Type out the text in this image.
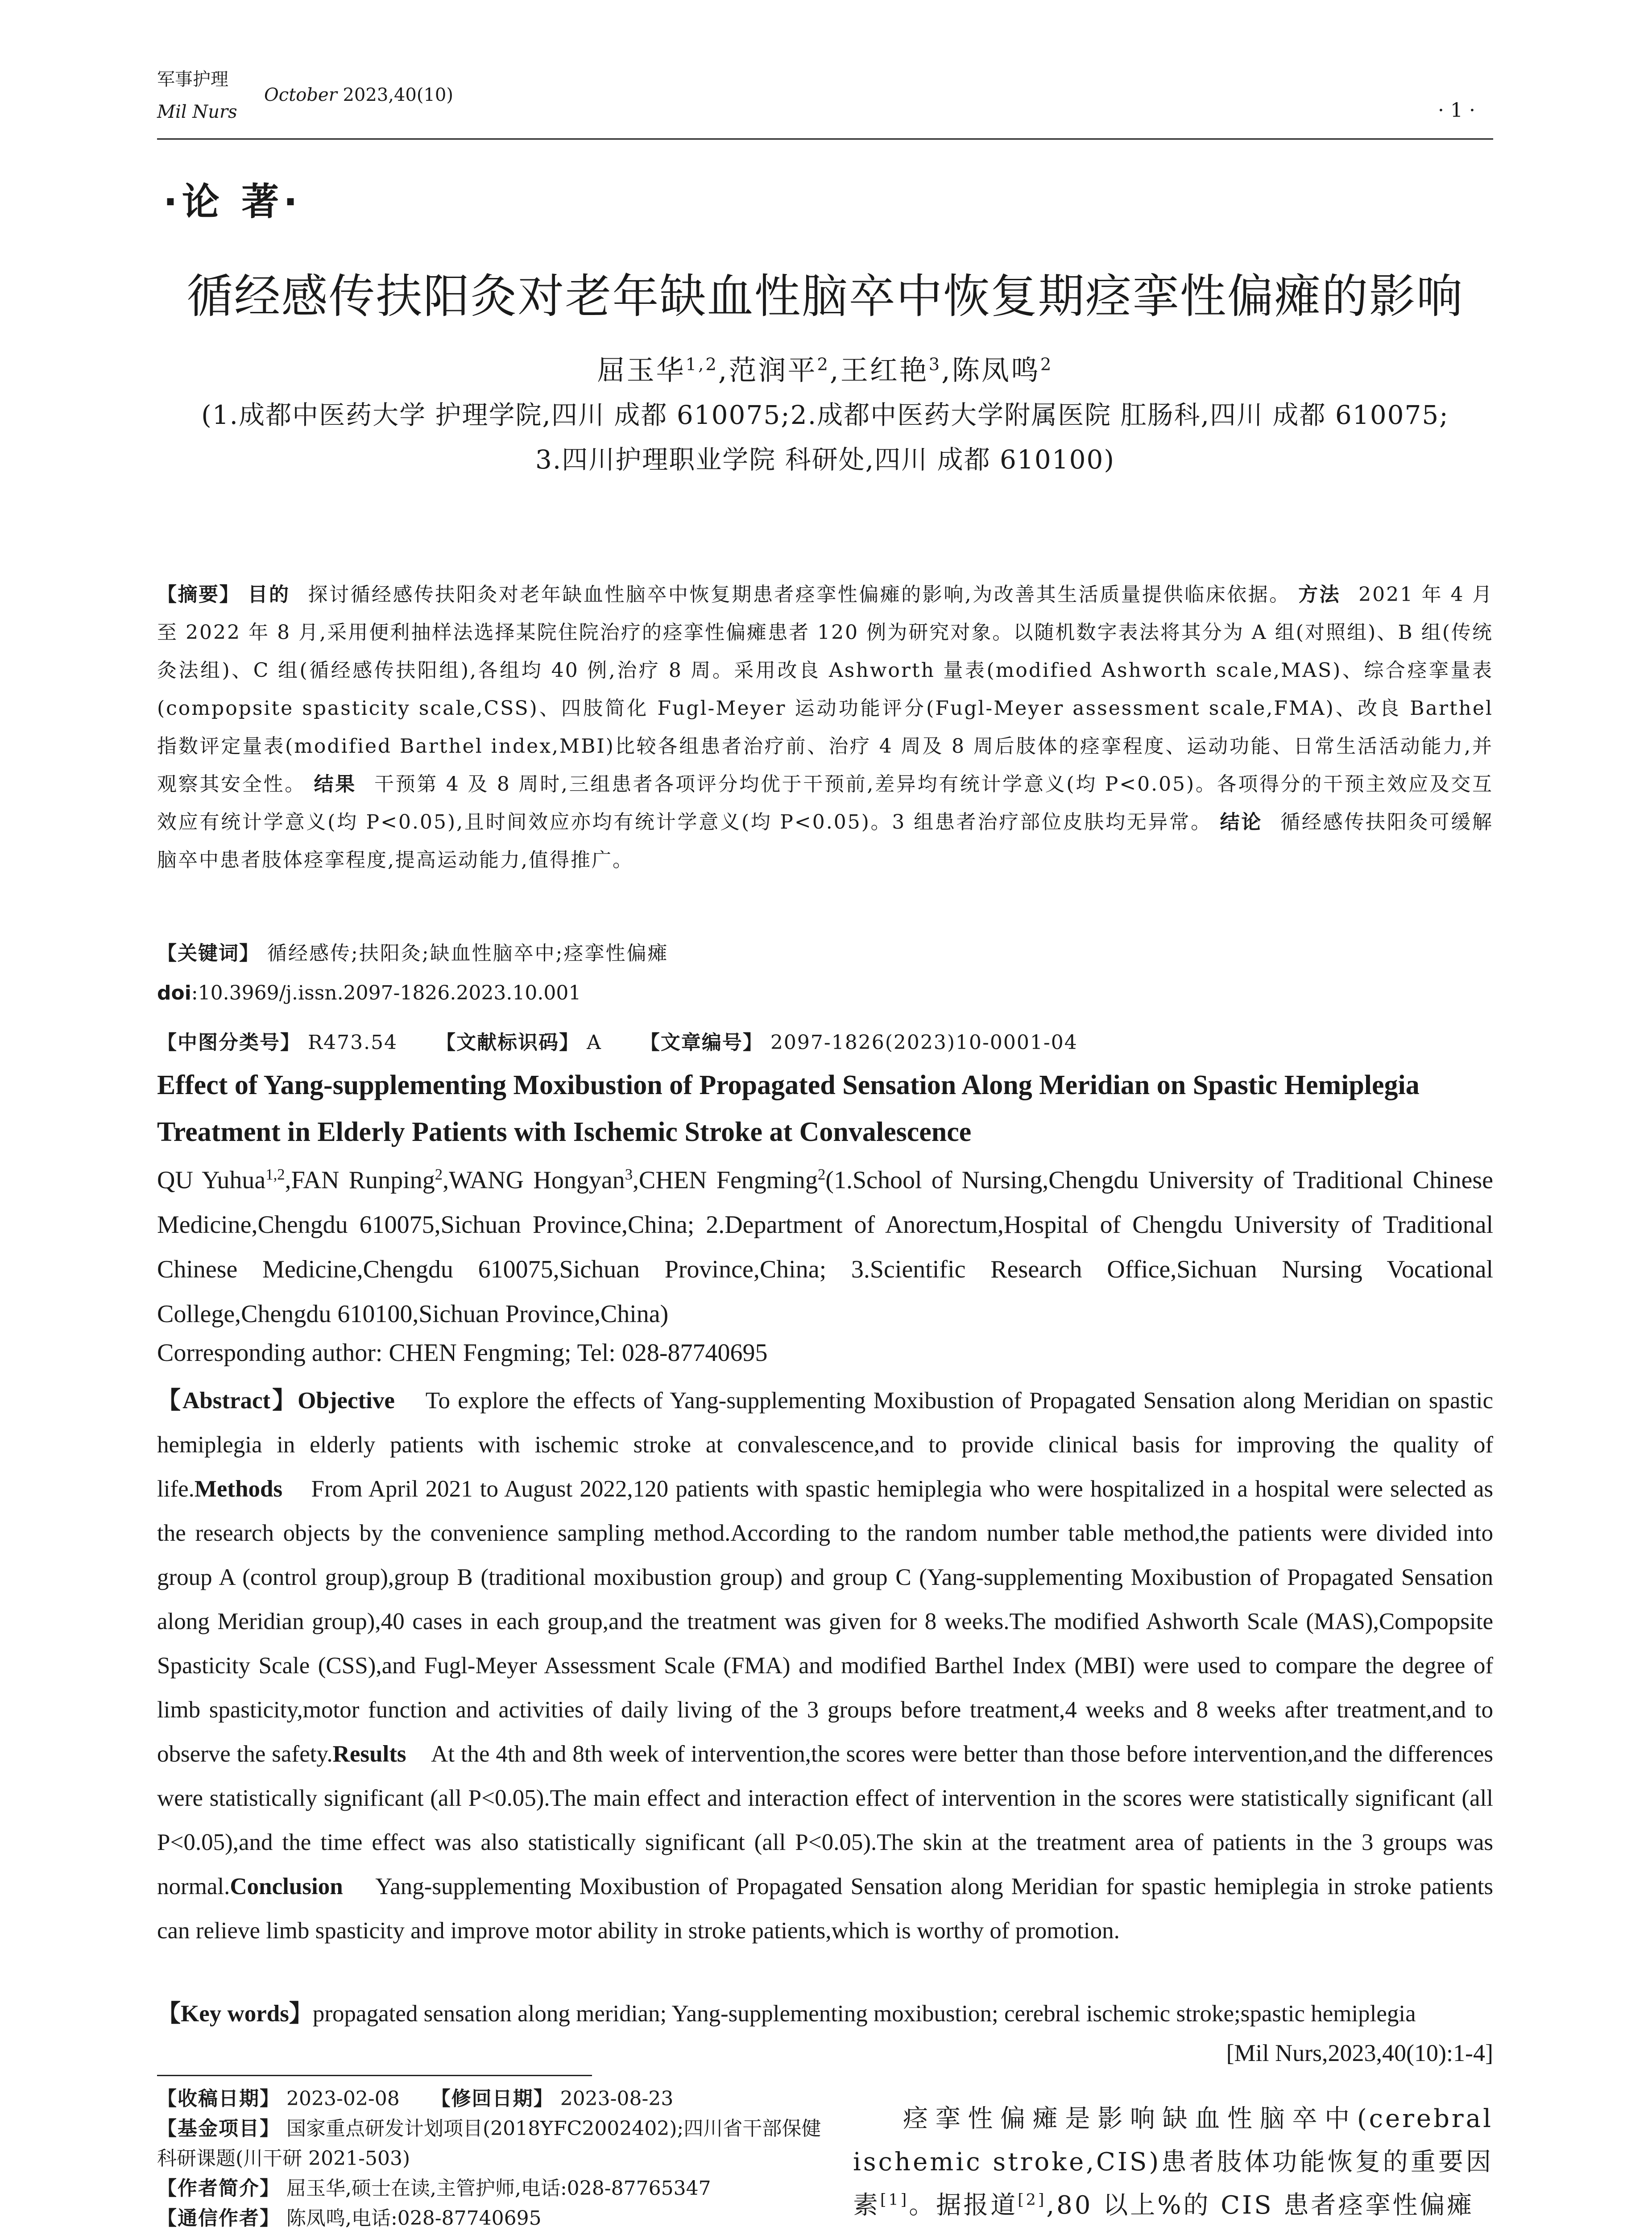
军事护理
Mil Nurs
October 2023,40(10)
· 1 ·
·论 著·
循经感传扶阳灸对老年缺血性脑卒中恢复期痉挛性偏瘫的影响
屈玉华$^{1,2}$,范润平$^2$,王红艳$^3$,陈凤鸣$^2$
(1.成都中医药大学 护理学院,四川 成都 610075;2.成都中医药大学附属医院 肛肠科,四川 成都 610075;
3.四川护理职业学院 科研处,四川 成都 610100)
【摘要】 目的 探讨循经感传扶阳灸对老年缺血性脑卒中恢复期患者痉挛性偏瘫的影响,为改善其生活质量提供临床依据。 方法 2021 年 4 月至 2022 年 8 月,采用便利抽样法选择某院住院治疗的痉挛性偏瘫患者 120 例为研究对象。以随机数字表法将其分为 A 组(对照组)、B 组(传统灸法组)、C 组(循经感传扶阳组),各组均 40 例,治疗 8 周。采用改良 Ashworth 量表(modified Ashworth scale,MAS)、综合痉挛量表(compopsite spasticity scale,CSS)、四肢简化 Fugl-Meyer 运动功能评分(Fugl-Meyer assessment scale,FMA)、改良 Barthel 指数评定量表(modified Barthel index,MBI)比较各组患者治疗前、治疗 4 周及 8 周后肢体的痉挛程度、运动功能、日常生活活动能力,并观察其安全性。 结果 干预第 4 及 8 周时,三组患者各项评分均优于干预前,差异均有统计学意义(均 P<0.05)。各项得分的干预主效应及交互效应有统计学意义(均 P<0.05),且时间效应亦均有统计学意义(均 P<0.05)。3 组患者治疗部位皮肤均无异常。 结论 循经感传扶阳灸可缓解脑卒中患者肢体痉挛程度,提高运动能力,值得推广。
【关键词】 循经感传;扶阳灸;缺血性脑卒中;痉挛性偏瘫
doi:10.3969/j.issn.2097-1826.2023.10.001
【中图分类号】 R473.54 【文献标识码】 A 【文章编号】 2097-1826(2023)10-0001-04
Effect of Yang-supplementing Moxibustion of Propagated Sensation Along Meridian on Spastic Hemiplegia Treatment in Elderly Patients with Ischemic Stroke at Convalescence
QU Yuhua$^{1,2}$,FAN Runping$^2$,WANG Hongyan$^3$,CHEN Fengming$^2$(1.School of Nursing,Chengdu University of Traditional Chinese Medicine,Chengdu 610075,Sichuan Province,China; 2.Department of Anorectum,Hospital of Chengdu University of Traditional Chinese Medicine,Chengdu 610075,Sichuan Province,China; 3.Scientific Research Office,Sichuan Nursing Vocational College,Chengdu 610100,Sichuan Province,China)
Corresponding author: CHEN Fengming; Tel: 028-87740695
【Abstract】Objective To explore the effects of Yang-supplementing Moxibustion of Propagated Sensation along Meridian on spastic hemiplegia in elderly patients with ischemic stroke at convalescence,and to provide clinical basis for improving the quality of life.Methods From April 2021 to August 2022,120 patients with spastic hemiplegia who were hospitalized in a hospital were selected as the research objects by the convenience sampling method.According to the random number table method,the patients were divided into group A (control group),group B (traditional moxibustion group) and group C (Yang-supplementing Moxibustion of Propagated Sensation along Meridian group),40 cases in each group,and the treatment was given for 8 weeks.The modified Ashworth Scale (MAS),Compopsite Spasticity Scale (CSS),and Fugl-Meyer Assessment Scale (FMA) and modified Barthel Index (MBI) were used to compare the degree of limb spasticity,motor function and activities of daily living of the 3 groups before treatment,4 weeks and 8 weeks after treatment,and to observe the safety.Results At the 4th and 8th week of intervention,the scores were better than those before intervention,and the differences were statistically significant (all P<0.05).The main effect and interaction effect of intervention in the scores were statistically significant (all P<0.05),and the time effect was also statistically significant (all P<0.05).The skin at the treatment area of patients in the 3 groups was normal.Conclusion Yang-supplementing Moxibustion of Propagated Sensation along Meridian for spastic hemiplegia in stroke patients can relieve limb spasticity and improve motor ability in stroke patients,which is worthy of promotion.
【Key words】propagated sensation along meridian; Yang-supplementing moxibustion; cerebral ischemic stroke;spastic hemiplegia
[Mil Nurs,2023,40(10):1-4]
【收稿日期】 2023-02-08 【修回日期】 2023-08-23
【基金项目】 国家重点研发计划项目(2018YFC2002402);四川省干部保健科研课题(川干研 2021-503)
【作者简介】 屈玉华,硕士在读,主管护师,电话:028-87765347
【通信作者】 陈凤鸣,电话:028-87740695
痉挛性偏瘫是影响缺血性脑卒中(cerebral ischemic stroke,CIS)患者肢体功能恢复的重要因素[1]。据报道[2],80 以上%的 CIS 患者痉挛性偏瘫
